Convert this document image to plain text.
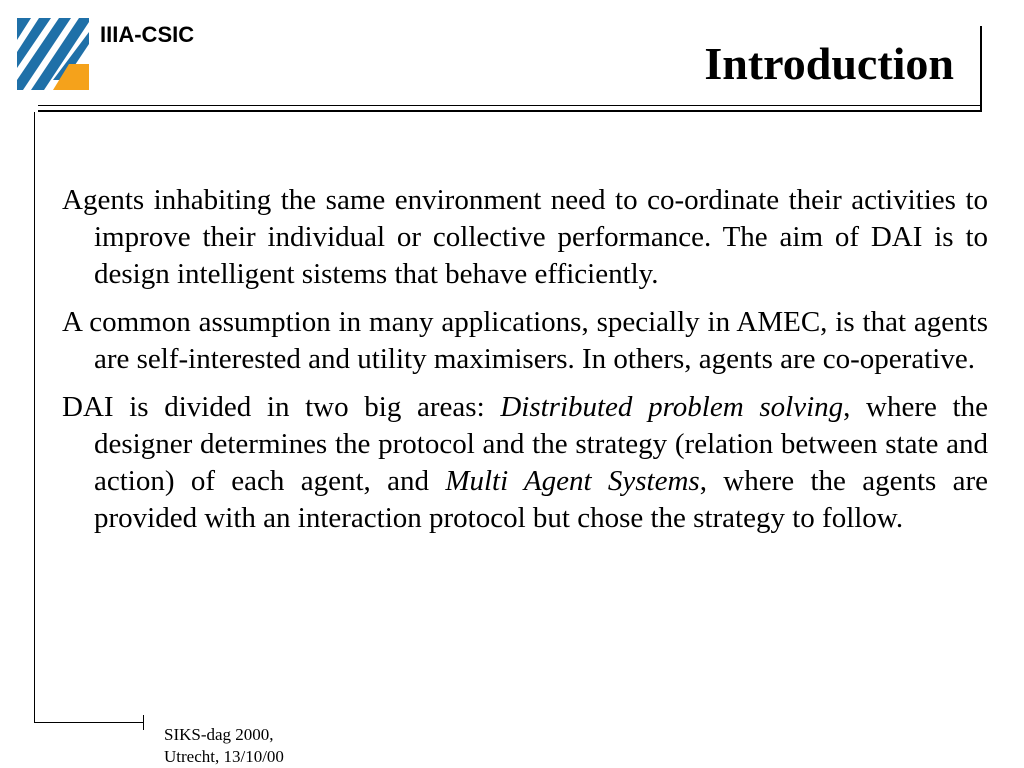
IIIA-CSIC
Introduction

Agents inhabiting the same environment need to co-ordinate their activities to improve their individual or collective performance. The aim of DAI is to design intelligent sistems that behave efficiently.

A common assumption in many applications, specially in AMEC, is that agents are self-interested and utility maximisers. In others, agents are co-operative.

DAI is divided in two big areas: Distributed problem solving, where the designer determines the protocol and the strategy (relation between state and action) of each agent, and Multi Agent Systems, where the agents are provided with an interaction protocol but chose the strategy to follow.

SIKS-dag 2000,
Utrecht, 13/10/00
